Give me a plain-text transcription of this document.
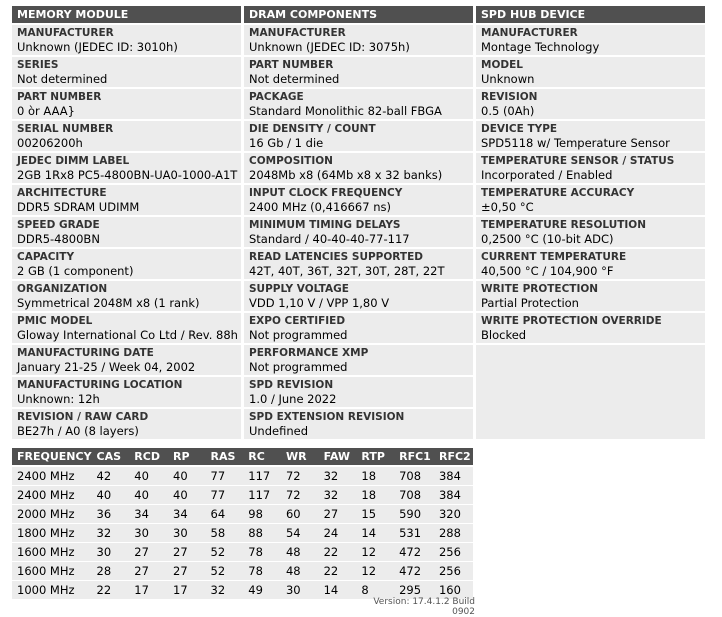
MEMORY MODULE
MANUFACTURER
Unknown (JEDEC ID: 3010h)
SERIES
Not determined
PART NUMBER
0 òr AAA}
SERIAL NUMBER
00206200h
JEDEC DIMM LABEL
2GB 1Rx8 PC5-4800BN-UA0-1000-A1T
ARCHITECTURE
DDR5 SDRAM UDIMM
SPEED GRADE
DDR5-4800BN
CAPACITY
2 GB (1 component)
ORGANIZATION
Symmetrical 2048M x8 (1 rank)
PMIC MODEL
Gloway International Co Ltd / Rev. 88h
MANUFACTURING DATE
January 21-25 / Week 04, 2002
MANUFACTURING LOCATION
Unknown: 12h
REVISION / RAW CARD
BE27h / A0 (8 layers)
DRAM COMPONENTS
MANUFACTURER
Unknown (JEDEC ID: 3075h)
PART NUMBER
Not determined
PACKAGE
Standard Monolithic 82-ball FBGA
DIE DENSITY / COUNT
16 Gb / 1 die
COMPOSITION
2048Mb x8 (64Mb x8 x 32 banks)
INPUT CLOCK FREQUENCY
2400 MHz (0,416667 ns)
MINIMUM TIMING DELAYS
Standard / 40-40-40-77-117
READ LATENCIES SUPPORTED
42T, 40T, 36T, 32T, 30T, 28T, 22T
SUPPLY VOLTAGE
VDD 1,10 V / VPP 1,80 V
EXPO CERTIFIED
Not programmed
PERFORMANCE XMP
Not programmed
SPD REVISION
1.0 / June 2022
SPD EXTENSION REVISION
Undefined
SPD HUB DEVICE
MANUFACTURER
Montage Technology
MODEL
Unknown
REVISION
0.5 (0Ah)
DEVICE TYPE
SPD5118 w/ Temperature Sensor
TEMPERATURE SENSOR / STATUS
Incorporated / Enabled
TEMPERATURE ACCURACY
±0,50 °C
TEMPERATURE RESOLUTION
0,2500 °C (10-bit ADC)
CURRENT TEMPERATURE
40,500 °C / 104,900 °F
WRITE PROTECTION
Partial Protection
WRITE PROTECTION OVERRIDE
Blocked
FREQUENCY	CAS	RCD	RP	RAS	RC	WR	FAW	RTP	RFC1	RFC2
2400 MHz	42	40	40	77	117	72	32	18	708	384
2400 MHz	40	40	40	77	117	72	32	18	708	384
2000 MHz	36	34	34	64	98	60	27	15	590	320
1800 MHz	32	30	30	58	88	54	24	14	531	288
1600 MHz	30	27	27	52	78	48	22	12	472	256
1600 MHz	28	27	27	52	78	48	22	12	472	256
1000 MHz	22	17	17	32	49	30	14	8	295	160
Version: 17.4.1.2 Build 0902
